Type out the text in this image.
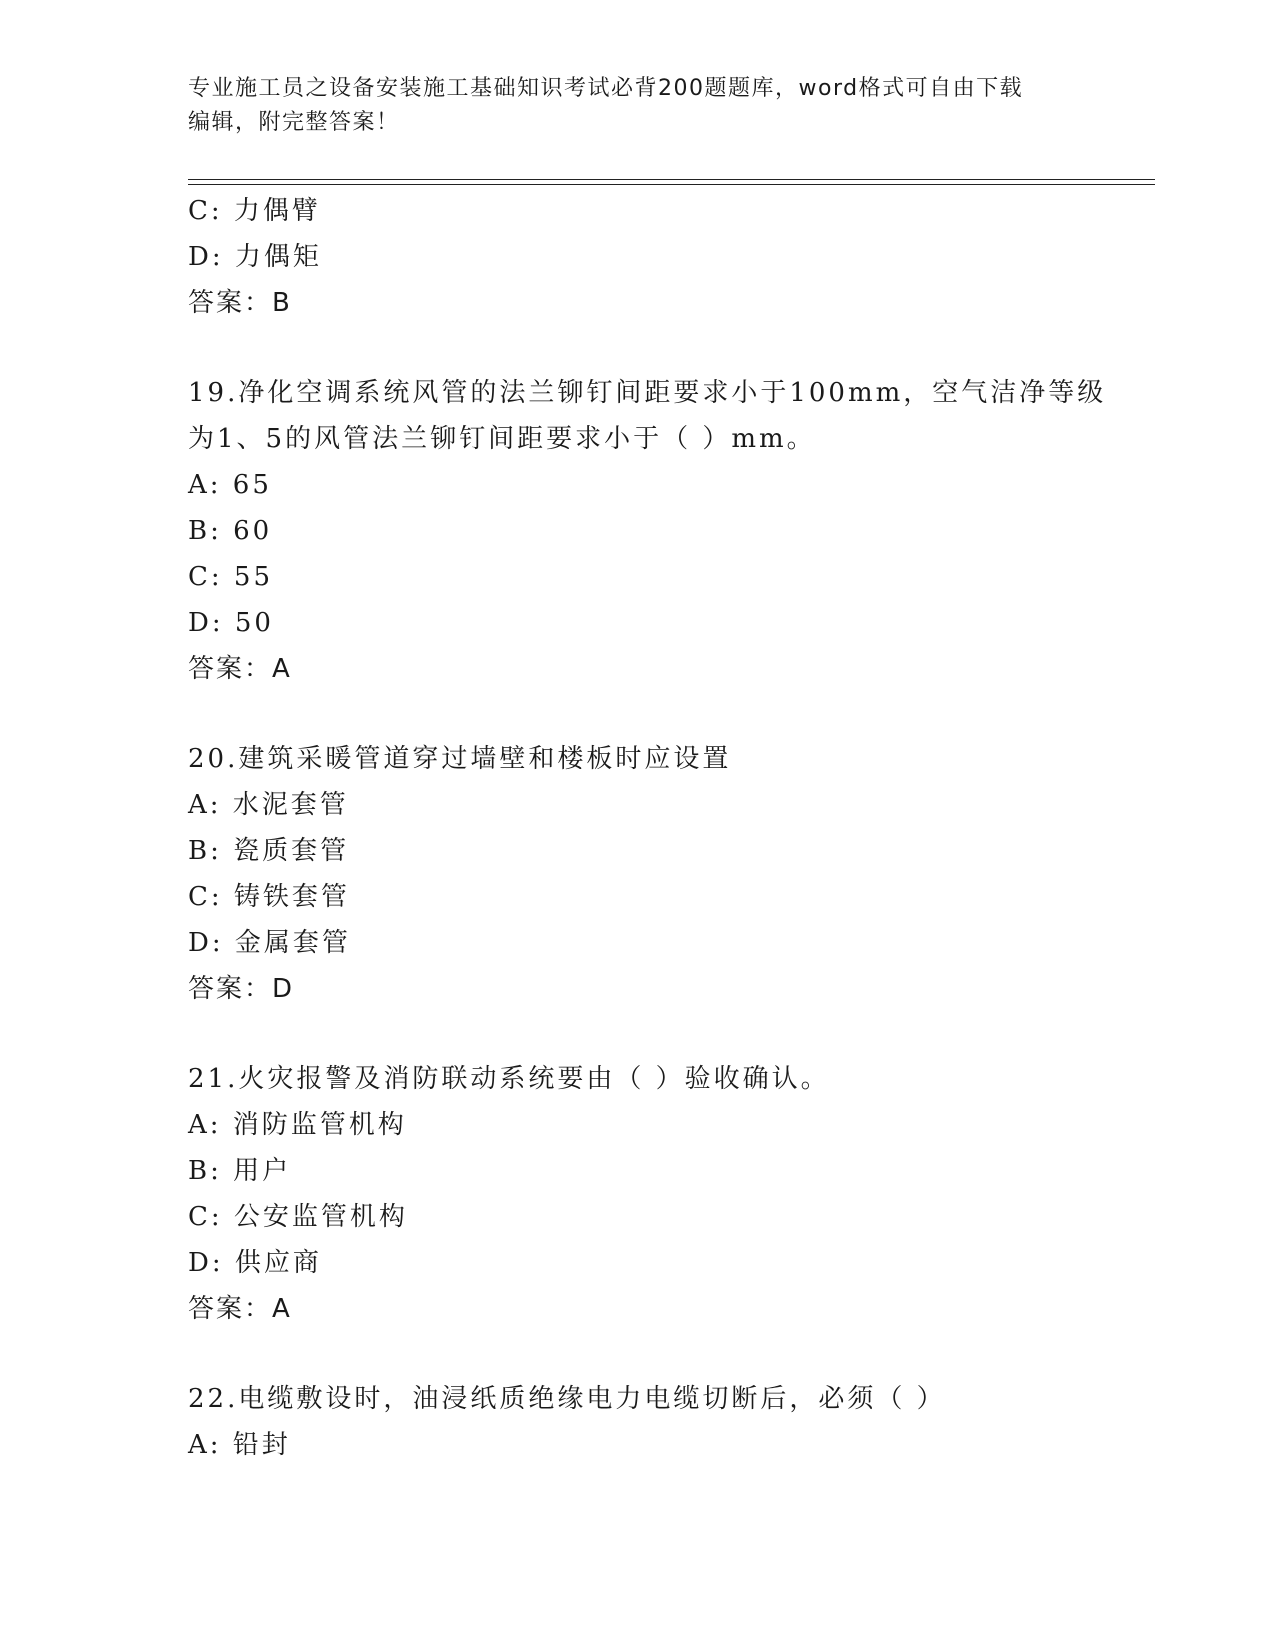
专业施工员之设备安装施工基础知识考试必背200题题库，word格式可自由下载
编辑，附完整答案！
C: 力偶臂
D: 力偶矩
答案：B
19.净化空调系统风管的法兰铆钉间距要求小于100mm，空气洁净等级
为1、5的风管法兰铆钉间距要求小于（ ）mm。
A: 65
B: 60
C: 55
D: 50
答案：A
20.建筑采暖管道穿过墙壁和楼板时应设置
A: 水泥套管
B: 瓷质套管
C: 铸铁套管
D: 金属套管
答案：D
21.火灾报警及消防联动系统要由（ ）验收确认。
A: 消防监管机构
B: 用户
C: 公安监管机构
D: 供应商
答案：A
22.电缆敷设时，油浸纸质绝缘电力电缆切断后，必须（ ）
A: 铅封
